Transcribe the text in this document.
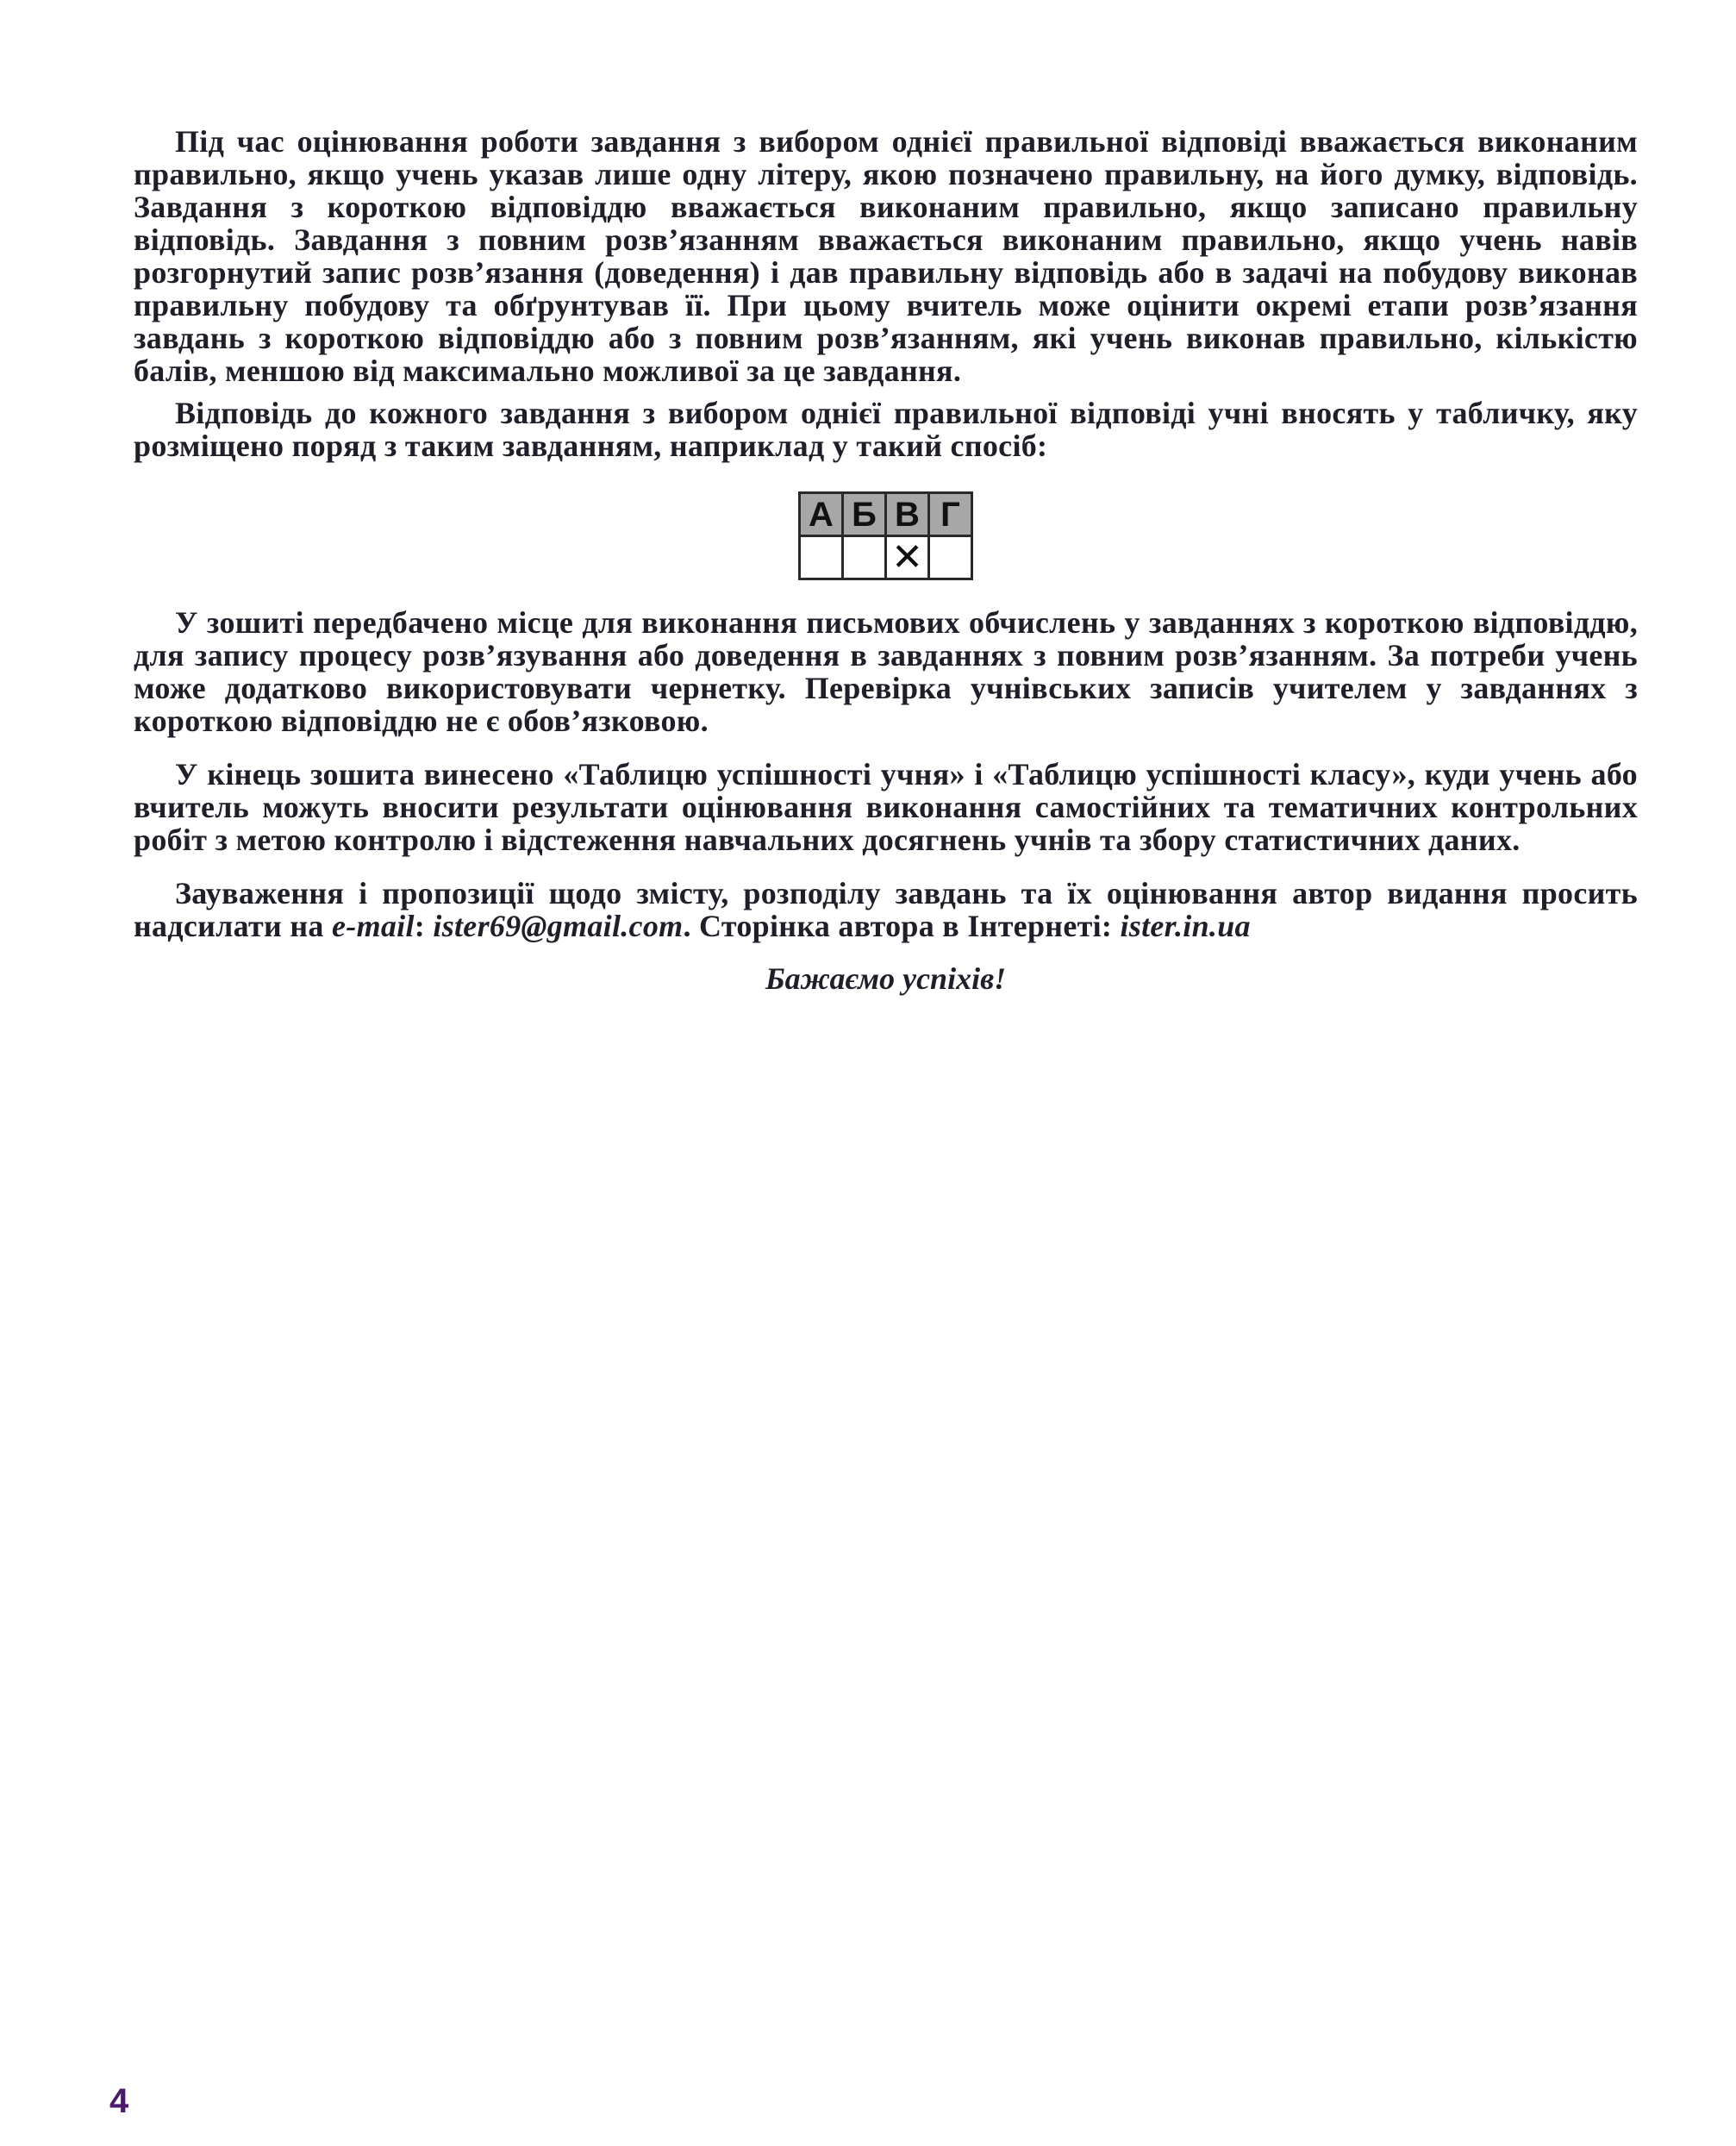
Під час оцінювання роботи завдання з вибором однієї правильної відповіді вважається виконаним правильно, якщо учень указав лише одну літеру, якою позначено правильну, на його думку, відповідь. Завдання з короткою відповіддю вважається виконаним правильно, якщо записано правильну відповідь. Завдання з повним розв’язанням вважається виконаним правильно, якщо учень навів розгорнутий запис розв’язання (доведення) і дав правильну відповідь або в задачі на побудову виконав правильну побудову та обґрунтував її. При цьому вчитель може оцінити окремі етапи розв’язання завдань з короткою відповіддю або з повним розв’язанням, які учень виконав правильно, кількістю балів, меншою від максимально можливої за це завдання.

Відповідь до кожного завдання з вибором однієї правильної відповіді учні вносять у табличку, яку розміщено поряд з таким завданням, наприклад у такий спосіб:

А	Б	В	Г
		✕	

У зошиті передбачено місце для виконання письмових обчислень у завданнях з короткою відповіддю, для запису процесу розв’язування або доведення в завданнях з повним розв’язанням. За потреби учень може додатково використовувати чернетку. Перевірка учнівських записів учителем у завданнях з короткою відповіддю не є обов’язковою.

У кінець зошита винесено «Таблицю успішності учня» і «Таблицю успішності класу», куди учень або вчитель можуть вносити результати оцінювання виконання самостійних та тематичних контрольних робіт з метою контролю і відстеження навчальних досягнень учнів та збору статистичних даних.

Зауваження і пропозиції щодо змісту, розподілу завдань та їх оцінювання автор видання просить надсилати на e-mail: ister69@gmail.com. Сторінка автора в Інтернеті: ister.in.ua

Бажаємо успіхів!

4
